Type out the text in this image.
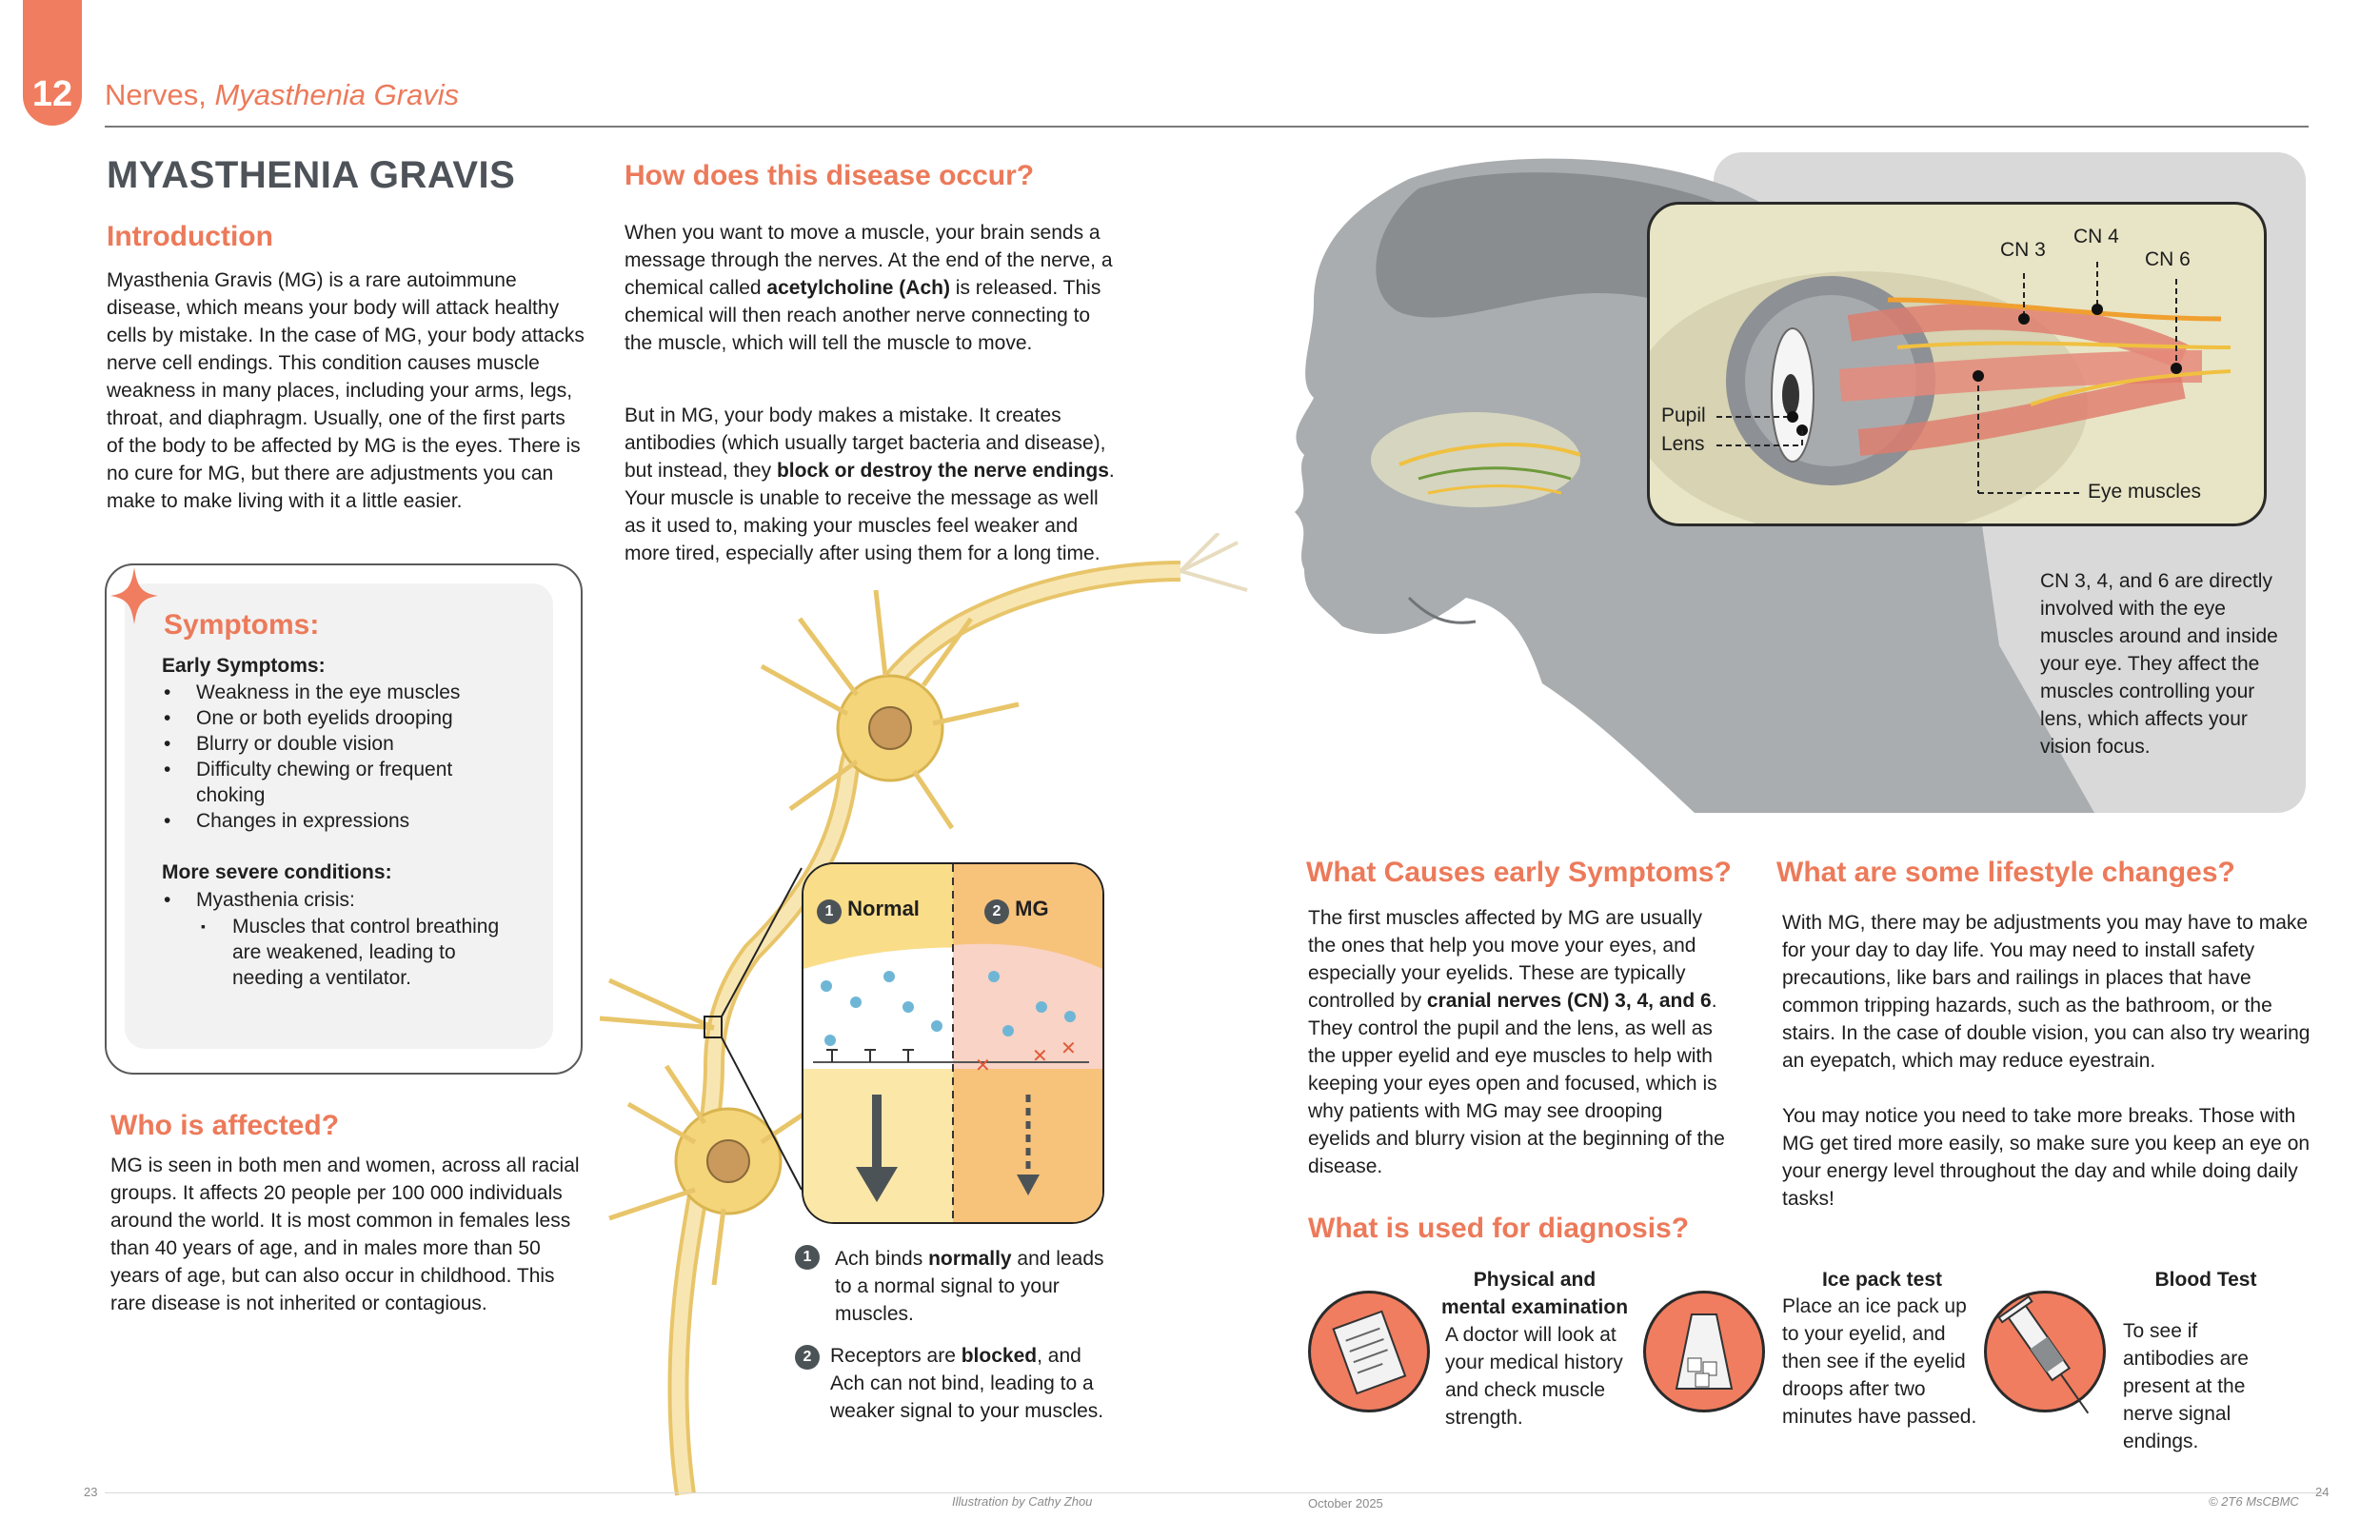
12	Nerves, Myasthenia Gravis
CN 3
CN 4
CN 6
Pupil
Lens
Eye muscles
CN 3, 4, and 6 are directly involved with the eye muscles around and inside your eye. They affect the muscles controlling your lens, which affects your vision focus.
✕ ✕ ✕
1 Normal	2 MG
1	Ach binds normally and leads to a normal signal to your muscles.
2 Receptors are blocked, and Ach can not bind, leading to a weaker signal to your muscles.
MYASTHENIA GRAVIS
Introduction
Myasthenia Gravis (MG) is a rare autoimmune disease, which means your body will attack healthy cells by mistake. In the case of MG, your body attacks nerve cell endings. This condition causes muscle weakness in many places, including your arms, legs, throat, and diaphragm. Usually, one of the first parts of the body to be affected by MG is the eyes. There is no cure for MG, but there are adjustments you can make to make living with it a little easier.
Symptoms:
Early Symptoms:
• Weakness in the eye muscles
• One or both eyelids drooping
• Blurry or double vision
• Difficulty chewing or frequent choking
• Changes in expressions
More severe conditions:
• Myasthenia crisis:
▪ Muscles that control breathing are weakened, leading to needing a ventilator.
Who is affected?
MG is seen in both men and women, across all racial groups. It affects 20 people per 100 000 individuals around the world. It is most common in females less than 40 years of age, and in males more than 50 years of age, but can also occur in childhood. This rare disease is not inherited or contagious.
How does this disease occur?
When you want to move a muscle, your brain sends a message through the nerves. At the end of the nerve, a chemical called acetylcholine (Ach) is released. This chemical will then reach another nerve connecting to the muscle, which will tell the muscle to move.
But in MG, your body makes a mistake. It creates antibodies (which usually target bacteria and disease), but instead, they block or destroy the nerve endings. Your muscle is unable to receive the message as well as it used to, making your muscles feel weaker and more tired, especially after using them for a long time.
What Causes early Symptoms?
The first muscles affected by MG are usually the ones that help you move your eyes, and especially your eyelids. These are typically controlled by cranial nerves (CN) 3, 4, and 6. They control the pupil and the lens, as well as the upper eyelid and eye muscles to help with keeping your eyes open and focused, which is why patients with MG may see drooping eyelids and blurry vision at the beginning of the disease.
What are some lifestyle changes?
With MG, there may be adjustments you may have to make for your day to day life. You may need to install safety precautions, like bars and railings in places that have common tripping hazards, such as the bathroom, or the stairs. In the case of double vision, you can also try wearing an eyepatch, which may reduce eyestrain.
You may notice you need to take more breaks. Those with MG get tired more easily, so make sure you keep an eye on your energy level throughout the day and while doing daily tasks!
What is used for diagnosis?
Physical and mental examination
A doctor will look at your medical history and check muscle strength.
Ice pack test
Place an ice pack up to your eyelid, and then see if the eyelid droops after two minutes have passed.
Blood Test
To see if antibodies are present at the nerve signal endings.
23
Illustration by Cathy Zhou	October 2025	© 2T6 MsCBMC
24
